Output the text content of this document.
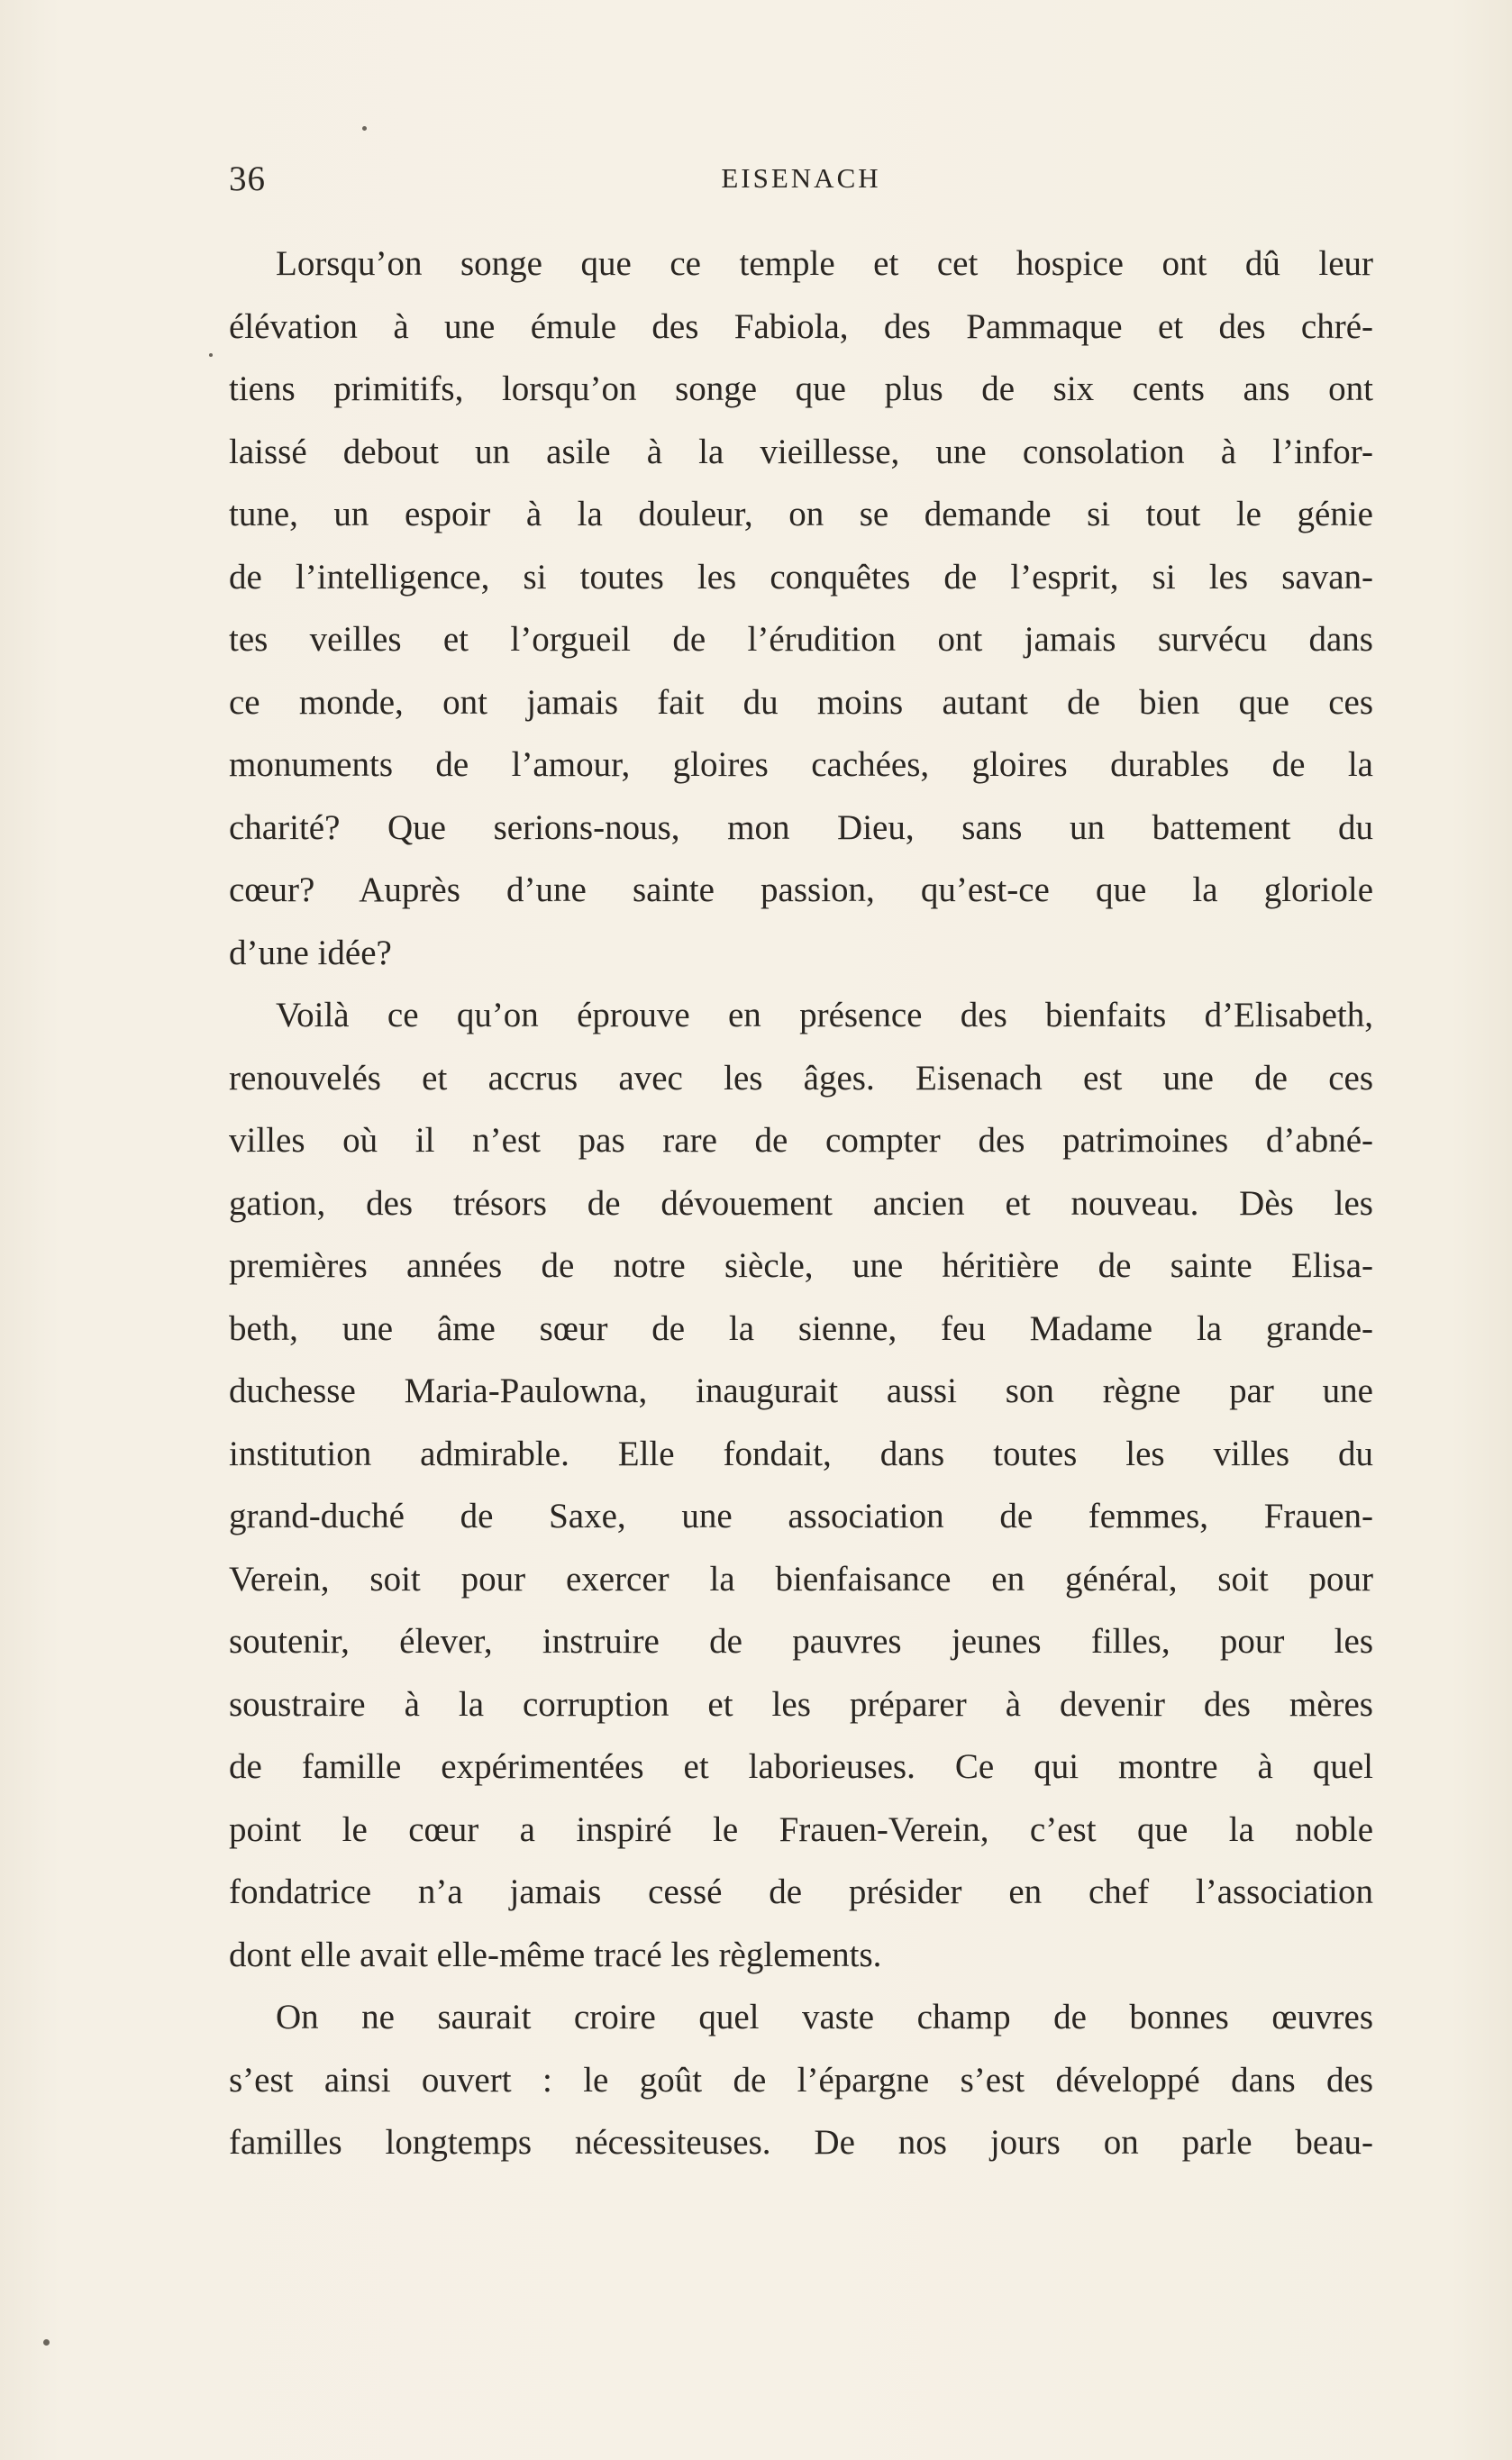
36	EISENACH
Lorsqu’on songe que ce temple et cet hospice ont dû leur
élévation à une émule des Fabiola, des Pammaque et des chré-
tiens primitifs, lorsqu’on songe que plus de six cents ans ont
laissé debout un asile à la vieillesse, une consolation à l’infor-
tune, un espoir à la douleur, on se demande si tout le génie
de l’intelligence, si toutes les conquêtes de l’esprit, si les savan-
tes veilles et l’orgueil de l’érudition ont jamais survécu dans
ce monde, ont jamais fait du moins autant de bien que ces
monuments de l’amour, gloires cachées, gloires durables de la
charité? Que serions-nous, mon Dieu, sans un battement du
cœur? Auprès d’une sainte passion, qu’est-ce que la gloriole
d’une idée?
Voilà ce qu’on éprouve en présence des bienfaits d’Elisabeth,
renouvelés et accrus avec les âges. Eisenach est une de ces
villes où il n’est pas rare de compter des patrimoines d’abné-
gation, des trésors de dévouement ancien et nouveau. Dès les
premières années de notre siècle, une héritière de sainte Elisa-
beth, une âme sœur de la sienne, feu Madame la grande-
duchesse Maria-Paulowna, inaugurait aussi son règne par une
institution admirable. Elle fondait, dans toutes les villes du
grand-duché de Saxe, une association de femmes, Frauen-
Verein, soit pour exercer la bienfaisance en général, soit pour
soutenir, élever, instruire de pauvres jeunes filles, pour les
soustraire à la corruption et les préparer à devenir des mères
de famille expérimentées et laborieuses. Ce qui montre à quel
point le cœur a inspiré le Frauen-Verein, c’est que la noble
fondatrice n’a jamais cessé de présider en chef l’association
dont elle avait elle-même tracé les règlements.
On ne saurait croire quel vaste champ de bonnes œuvres
s’est ainsi ouvert : le goût de l’épargne s’est développé dans des
familles longtemps nécessiteuses. De nos jours on parle beau-
